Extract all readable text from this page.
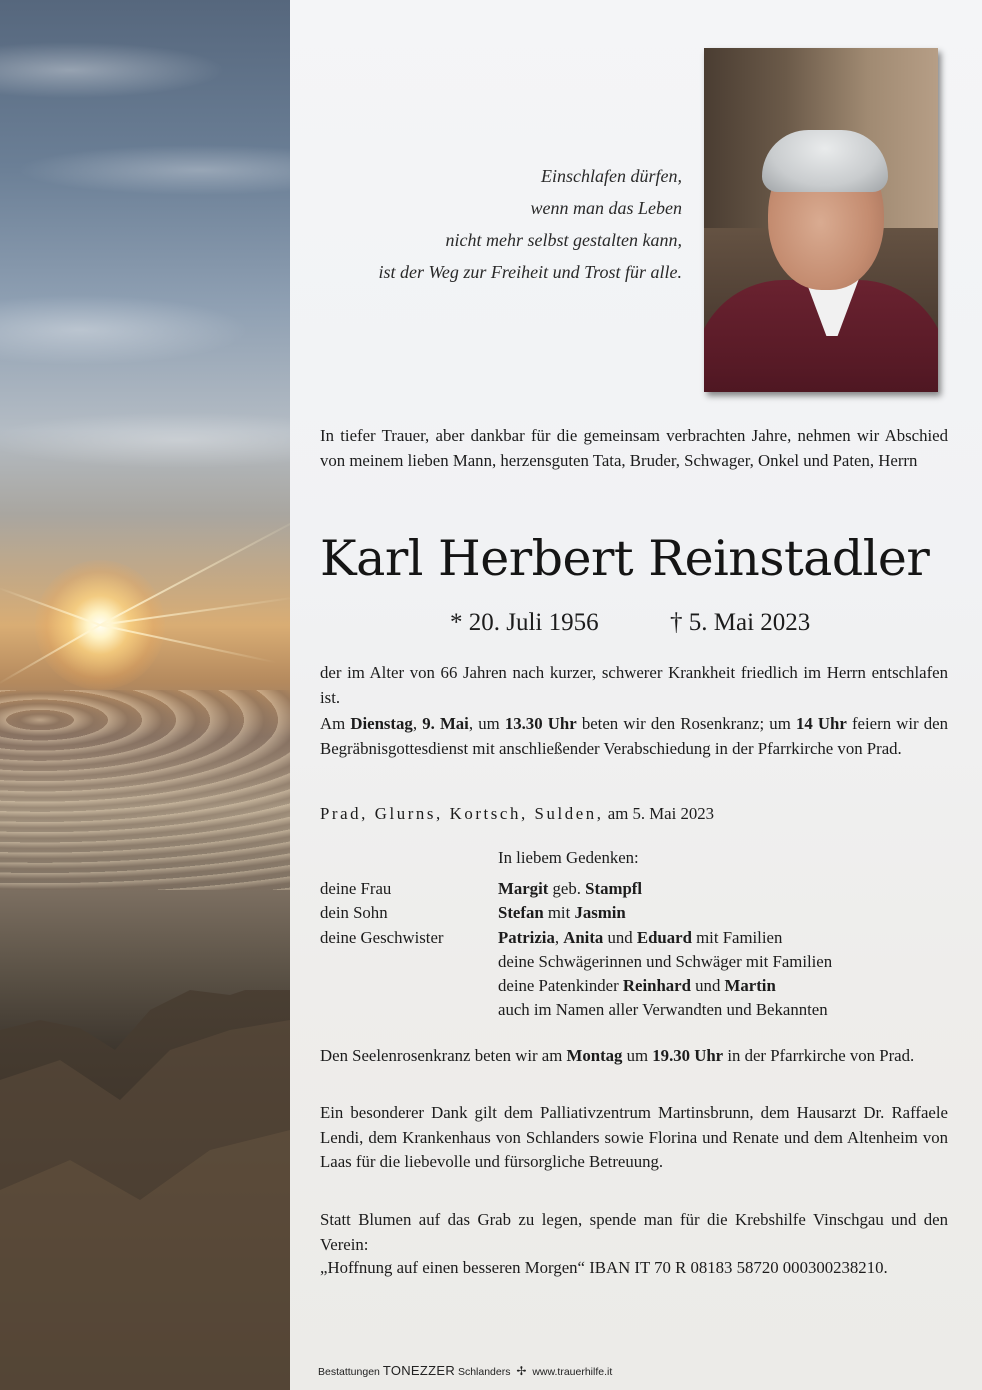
Einschlafen dürfen,
wenn man das Leben
nicht mehr selbst gestalten kann,
ist der Weg zur Freiheit und Trost für alle.
In tiefer Trauer, aber dankbar für die gemeinsam verbrachten Jahre, nehmen wir Abschied von meinem lieben Mann, herzensguten Tata, Bruder, Schwager, Onkel und Paten, Herrn
Karl Herbert Reinstadler
* 20. Juli 1956	† 5. Mai 2023
der im Alter von 66 Jahren nach kurzer, schwerer Krankheit friedlich im Herrn entschlafen ist.
Am Dienstag, 9. Mai, um 13.30 Uhr beten wir den Rosenkranz; um 14 Uhr feiern wir den Begräbnisgottesdienst mit anschließender Verabschiedung in der Pfarrkirche von Prad.
Prad, Glurns, Kortsch, Sulden, am 5. Mai 2023
In liebem Gedenken:
deine Frau	Margit geb. Stampfl
dein Sohn	Stefan mit Jasmin
deine Geschwister	Patrizia, Anita und Eduard mit Familien
deine Schwägerinnen und Schwäger mit Familien
deine Patenkinder Reinhard und Martin
auch im Namen aller Verwandten und Bekannten
Den Seelenrosenkranz beten wir am Montag um 19.30 Uhr in der Pfarrkirche von Prad.
Ein besonderer Dank gilt dem Palliativzentrum Martinsbrunn, dem Hausarzt Dr. Raffaele Lendi, dem Krankenhaus von Schlanders sowie Florina und Renate und dem Altenheim von Laas für die liebevolle und fürsorgliche Betreuung.
Statt Blumen auf das Grab zu legen, spende man für die Krebshilfe Vinschgau und den Verein:
„Hoffnung auf einen besseren Morgen“ IBAN IT 70 R 08183 58720 000300238210.
Bestattungen TONEZZER Schlanders ✢ www.trauerhilfe.it
